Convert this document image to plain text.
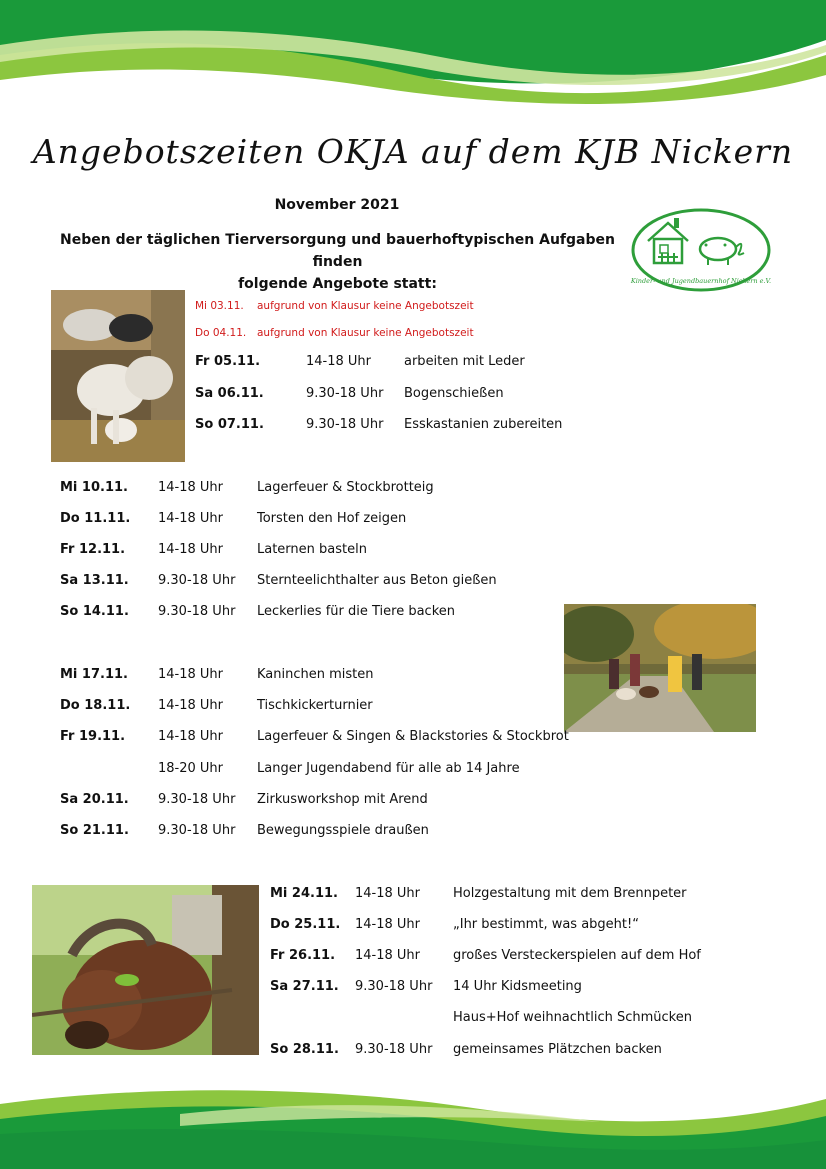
Angebotszeiten OKJA auf dem KJB Nickern
November 2021
Neben der täglichen Tierversorgung und bauerhoftypischen Aufgaben finden
folgende Angebote statt:	Kinder- und Jugendbauernhof Nickern e.V.
Mi 03.11. aufgrund von Klausur keine Angebotszeit
Do 04.11. aufgrund von Klausur keine Angebotszeit
Fr 05.11.	14-18 Uhr	arbeiten mit Leder
Sa 06.11.	9.30-18 Uhr Bogenschießen
So 07.11.	9.30-18 Uhr Esskastanien zubereiten
Mi 10.11. 14-18 Uhr	Lagerfeuer & Stockbrotteig
Do 11.11. 14-18 Uhr	Torsten den Hof zeigen
Fr 12.11.	14-18 Uhr	Laternen basteln
Sa 13.11. 9.30-18 Uhr Sternteelichthalter aus Beton gießen
So 14.11. 9.30-18 Uhr Leckerlies für die Tiere backen
Mi 17.11. 14-18 Uhr	Kaninchen misten
Do 18.11. 14-18 Uhr	Tischkickerturnier
Fr 19.11.	14-18 Uhr	Lagerfeuer & Singen & Blackstories & Stockbrot
18-20 Uhr	Langer Jugendabend für alle ab 14 Jahre
Sa 20.11. 9.30-18 Uhr Zirkusworkshop mit Arend
So 21.11. 9.30-18 Uhr Bewegungsspiele draußen
Mi 24.11. 14-18 Uhr	Holzgestaltung mit dem Brennpeter
Do 25.11. 14-18 Uhr	„Ihr bestimmt, was abgeht!“
Fr 26.11. 14-18 Uhr	großes Versteckerspielen auf dem Hof
Sa 27.11. 9.30-18 Uhr 14 Uhr Kidsmeeting
Haus+Hof weihnachtlich Schmücken
So 28.11. 9.30-18 Uhr gemeinsames Plätzchen backen
